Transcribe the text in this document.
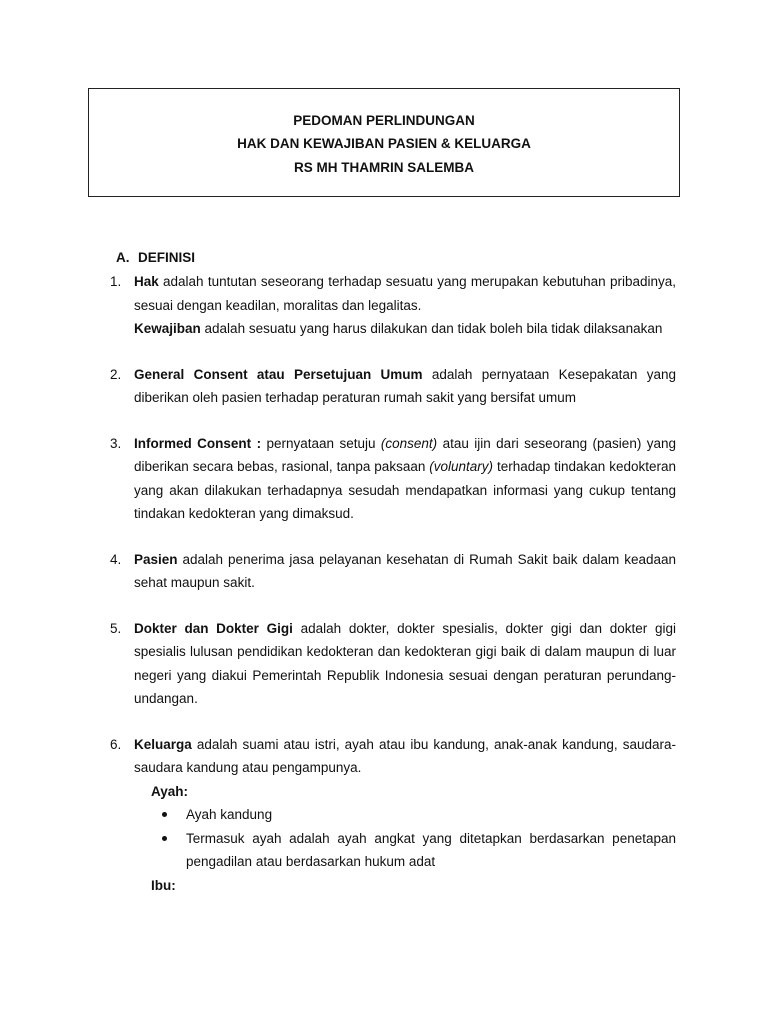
PEDOMAN PERLINDUNGAN
HAK DAN KEWAJIBAN PASIEN & KELUARGA
RS MH THAMRIN SALEMBA
A. DEFINISI
1. Hak adalah tuntutan seseorang terhadap sesuatu yang merupakan kebutuhan pribadinya, sesuai dengan keadilan, moralitas dan legalitas.

Kewajiban adalah sesuatu yang harus dilakukan dan tidak boleh bila tidak dilaksanakan

2. General Consent atau Persetujuan Umum adalah pernyataan Kesepakatan yang diberikan oleh pasien terhadap peraturan rumah sakit yang bersifat umum

3. Informed Consent : pernyataan setuju (consent) atau ijin dari seseorang (pasien) yang diberikan secara bebas, rasional, tanpa paksaan (voluntary) terhadap tindakan kedokteran yang akan dilakukan terhadapnya sesudah mendapatkan informasi yang cukup tentang tindakan kedokteran yang dimaksud.

4. Pasien adalah penerima jasa pelayanan kesehatan di Rumah Sakit baik dalam keadaan sehat maupun sakit.

5. Dokter dan Dokter Gigi adalah dokter, dokter spesialis, dokter gigi dan dokter gigi spesialis lulusan pendidikan kedokteran dan kedokteran gigi baik di dalam maupun di luar negeri yang diakui Pemerintah Republik Indonesia sesuai dengan peraturan perundang-undangan.

6. Keluarga adalah suami atau istri, ayah atau ibu kandung, anak-anak kandung, saudara-saudara kandung atau pengampunya.

Ayah:
Ayah kandung
Termasuk ayah adalah ayah angkat yang ditetapkan berdasarkan penetapan pengadilan atau berdasarkan hukum adat
Ibu:
